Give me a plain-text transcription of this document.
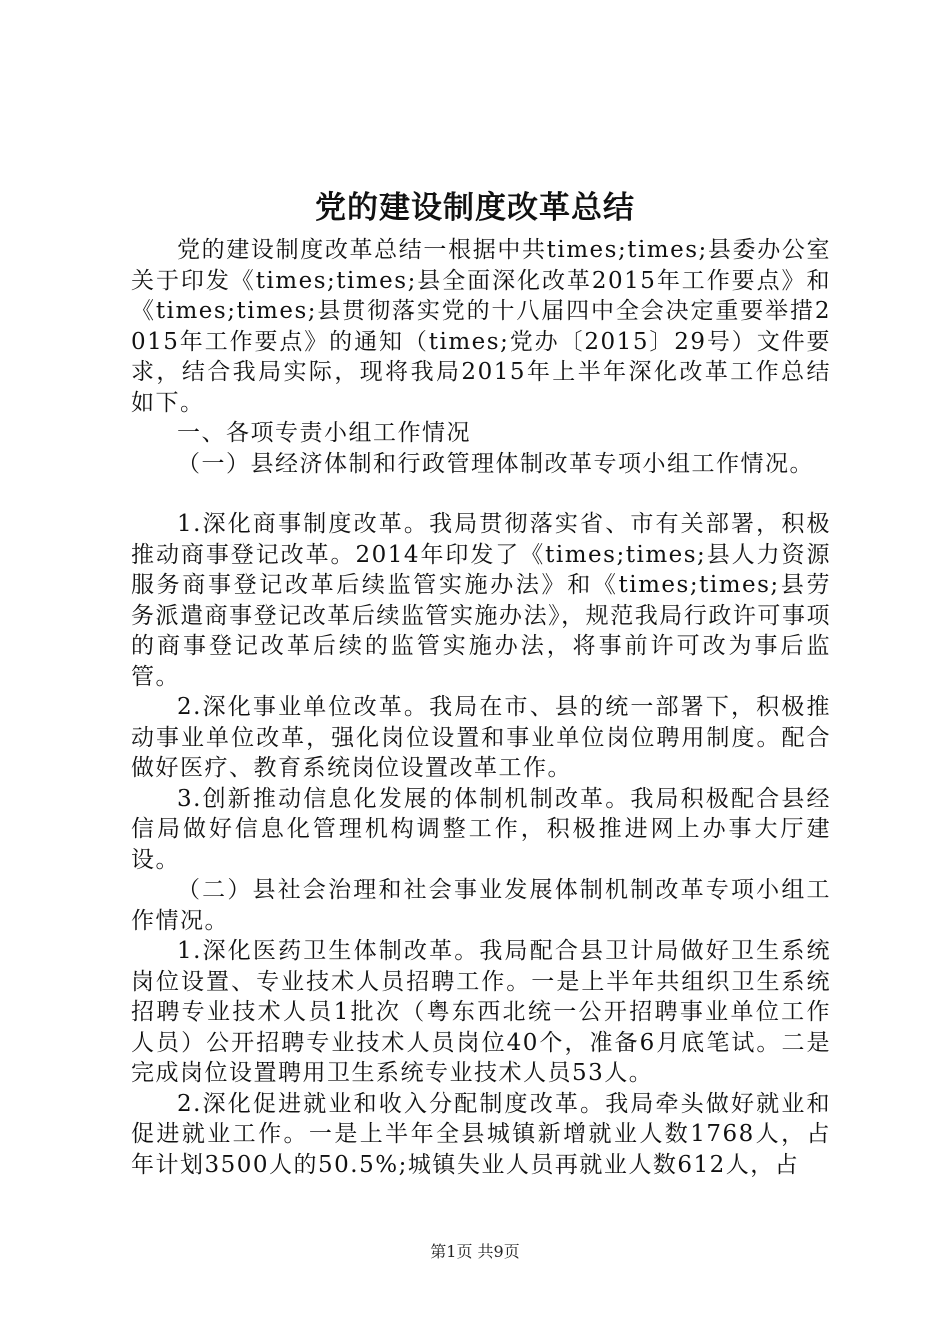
党的建设制度改革总结

党的建设制度改革总结一根据中共times;times;县委办公室关于印发《times;times;县全面深化改革2015年工作要点》和《times;times;县贯彻落实党的十八届四中全会决定重要举措2015年工作要点》的通知（times;党办〔2015〕29号）文件要求，结合我局实际，现将我局2015年上半年深化改革工作总结如下。

一、各项专责小组工作情况

（一）县经济体制和行政管理体制改革专项小组工作情况。

1.深化商事制度改革。我局贯彻落实省、市有关部署，积极推动商事登记改革。2014年印发了《times;times;县人力资源服务商事登记改革后续监管实施办法》和《times;times;县劳务派遣商事登记改革后续监管实施办法》，规范我局行政许可事项的商事登记改革后续的监管实施办法，将事前许可改为事后监管。

2.深化事业单位改革。我局在市、县的统一部署下，积极推动事业单位改革，强化岗位设置和事业单位岗位聘用制度。配合做好医疗、教育系统岗位设置改革工作。

3.创新推动信息化发展的体制机制改革。我局积极配合县经信局做好信息化管理机构调整工作，积极推进网上办事大厅建设。

（二）县社会治理和社会事业发展体制机制改革专项小组工作情况。

1.深化医药卫生体制改革。我局配合县卫计局做好卫生系统岗位设置、专业技术人员招聘工作。一是上半年共组织卫生系统招聘专业技术人员1批次（粤东西北统一公开招聘事业单位工作人员）公开招聘专业技术人员岗位40个，准备6月底笔试。二是完成岗位设置聘用卫生系统专业技术人员53人。

2.深化促进就业和收入分配制度改革。我局牵头做好就业和促进就业工作。一是上半年全县城镇新增就业人数1768人，占年计划3500人的50.5%;城镇失业人员再就业人数612人，占

第1页 共9页
